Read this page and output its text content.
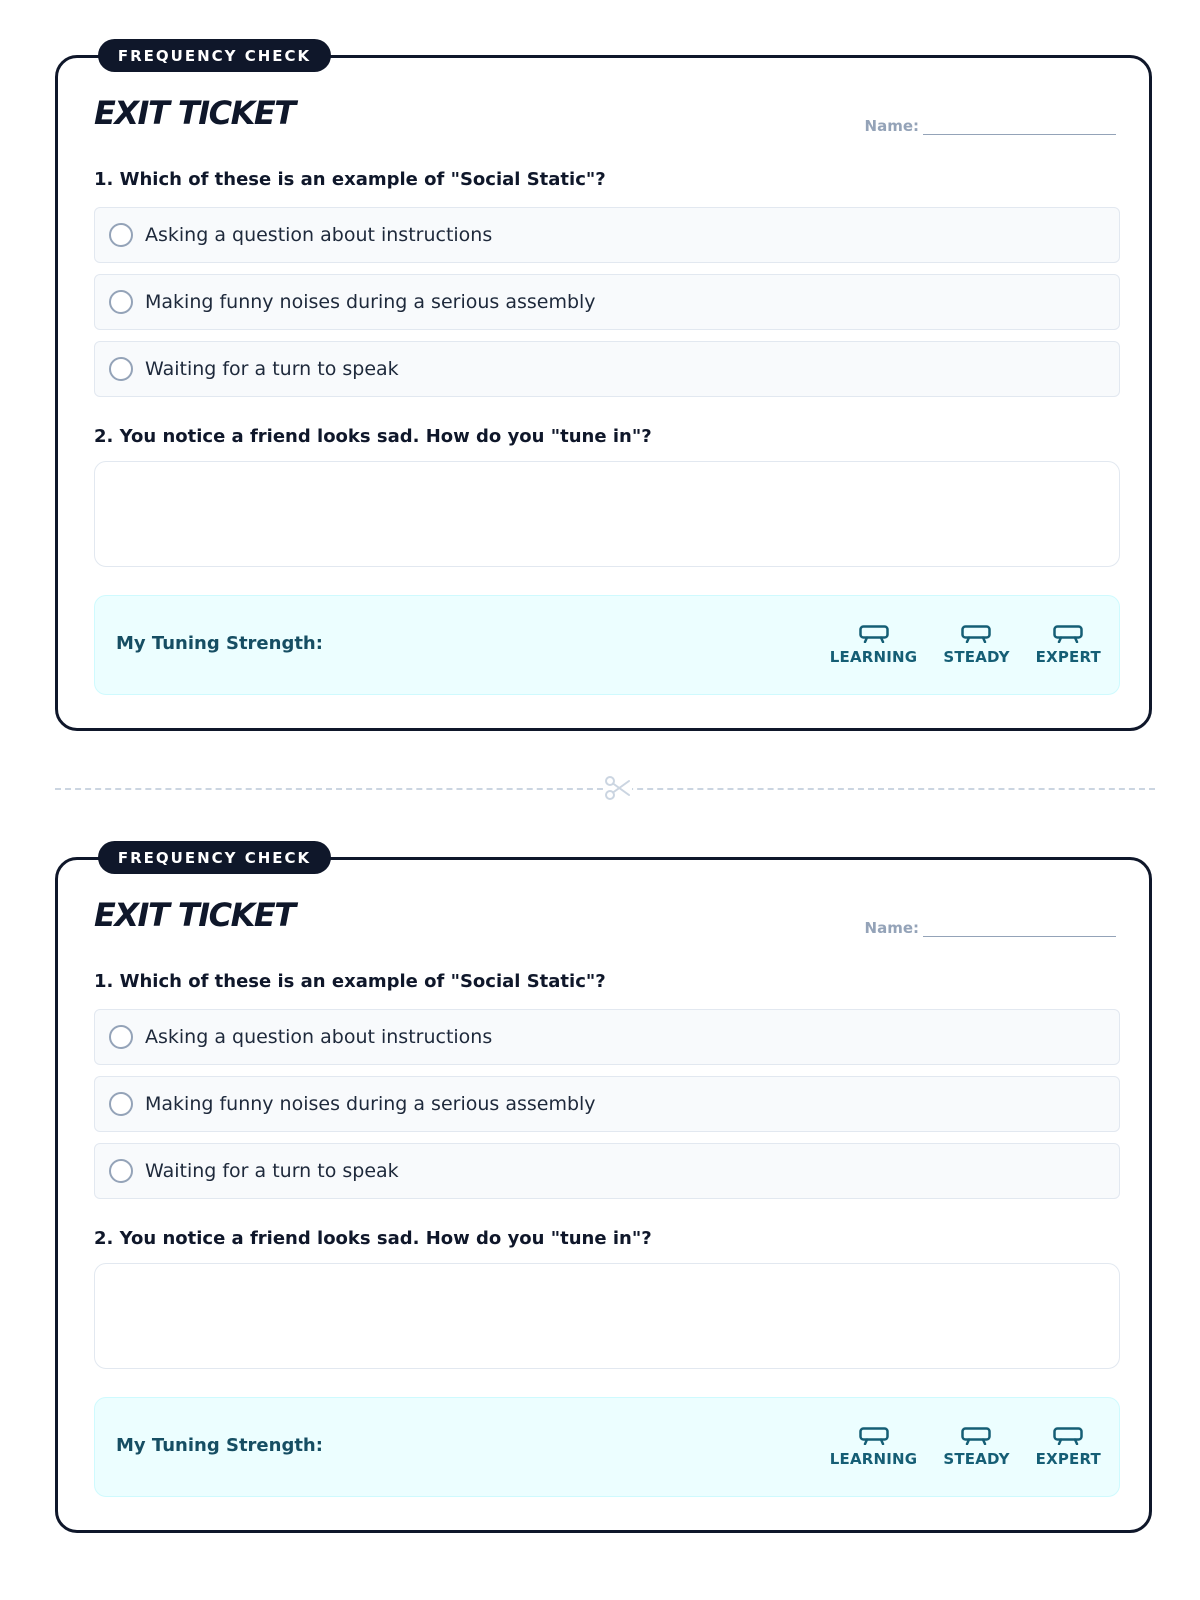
FREQUENCY CHECK
EXIT TICKET	Name:
1. Which of these is an example of "Social Static"?
Asking a question about instructions
Making funny noises during a serious assembly
Waiting for a turn to speak
2. You notice a friend looks sad. How do you "tune in"?
My Tuning Strength:
LEARNING STEADY EXPERT
FREQUENCY CHECK
EXIT TICKET	Name:
1. Which of these is an example of "Social Static"?
Asking a question about instructions
Making funny noises during a serious assembly
Waiting for a turn to speak
2. You notice a friend looks sad. How do you "tune in"?
My Tuning Strength:
LEARNING STEADY EXPERT
